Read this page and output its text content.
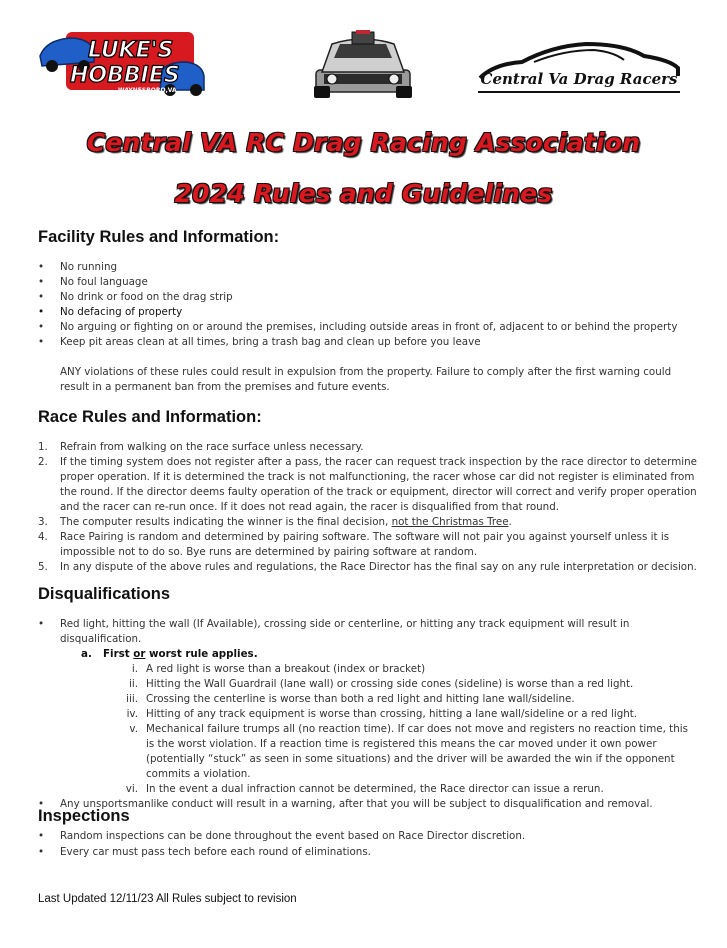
LUKE'S
HOBBIES
WAYNESBORO,VA
Central Va Drag Racers
Central VA RC Drag Racing Association
2024 Rules and Guidelines
Facility Rules and Information:
• No running
• No foul language
• No drink or food on the drag strip
• No defacing of property
• No arguing or fighting on or around the premises, including outside areas in front of, adjacent to or behind the property
• Keep pit areas clean at all times, bring a trash bag and clean up before you leave
ANY violations of these rules could result in expulsion from the property. Failure to comply after the first warning could result in a permanent ban from the premises and future events.
Race Rules and Information:
1. Refrain from walking on the race surface unless necessary.
2. If the timing system does not register after a pass, the racer can request track inspection by the race director to determine proper operation. If it is determined the track is not malfunctioning, the racer whose car did not register is eliminated from the round. If the director deems faulty operation of the track or equipment, director will correct and verify proper operation and the racer can re-run once. If it does not read again, the racer is disqualified from that round.
3. The computer results indicating the winner is the final decision, not the Christmas Tree.
4. Race Pairing is random and determined by pairing software. The software will not pair you against yourself unless it is impossible not to do so. Bye runs are determined by pairing software at random.
5. In any dispute of the above rules and regulations, the Race Director has the final say on any rule interpretation or decision.
Disqualifications
• Red light, hitting the wall (If Available), crossing side or centerline, or hitting any track equipment will result in disqualification.
a. First or worst rule applies.
i. A red light is worse than a breakout (index or bracket)
ii. Hitting the Wall Guardrail (lane wall) or crossing side cones (sideline) is worse than a red light.
iii. Crossing the centerline is worse than both a red light and hitting lane wall/sideline.
iv. Hitting of any track equipment is worse than crossing, hitting a lane wall/sideline or a red light.
v. Mechanical failure trumps all (no reaction time). If car does not move and registers no reaction time, this is the worst violation. If a reaction time is registered this means the car moved under it own power (potentially “stuck” as seen in some situations) and the driver will be awarded the win if the opponent commits a violation.
vi. In the event a dual infraction cannot be determined, the Race director can issue a rerun.
• Any unsportsmanlike conduct will result in a warning, after that you will be subject to disqualification and removal.
Inspections
• Random inspections can be done throughout the event based on Race Director discretion.
• Every car must pass tech before each round of eliminations.
Last Updated 12/11/23 All Rules subject to revision
